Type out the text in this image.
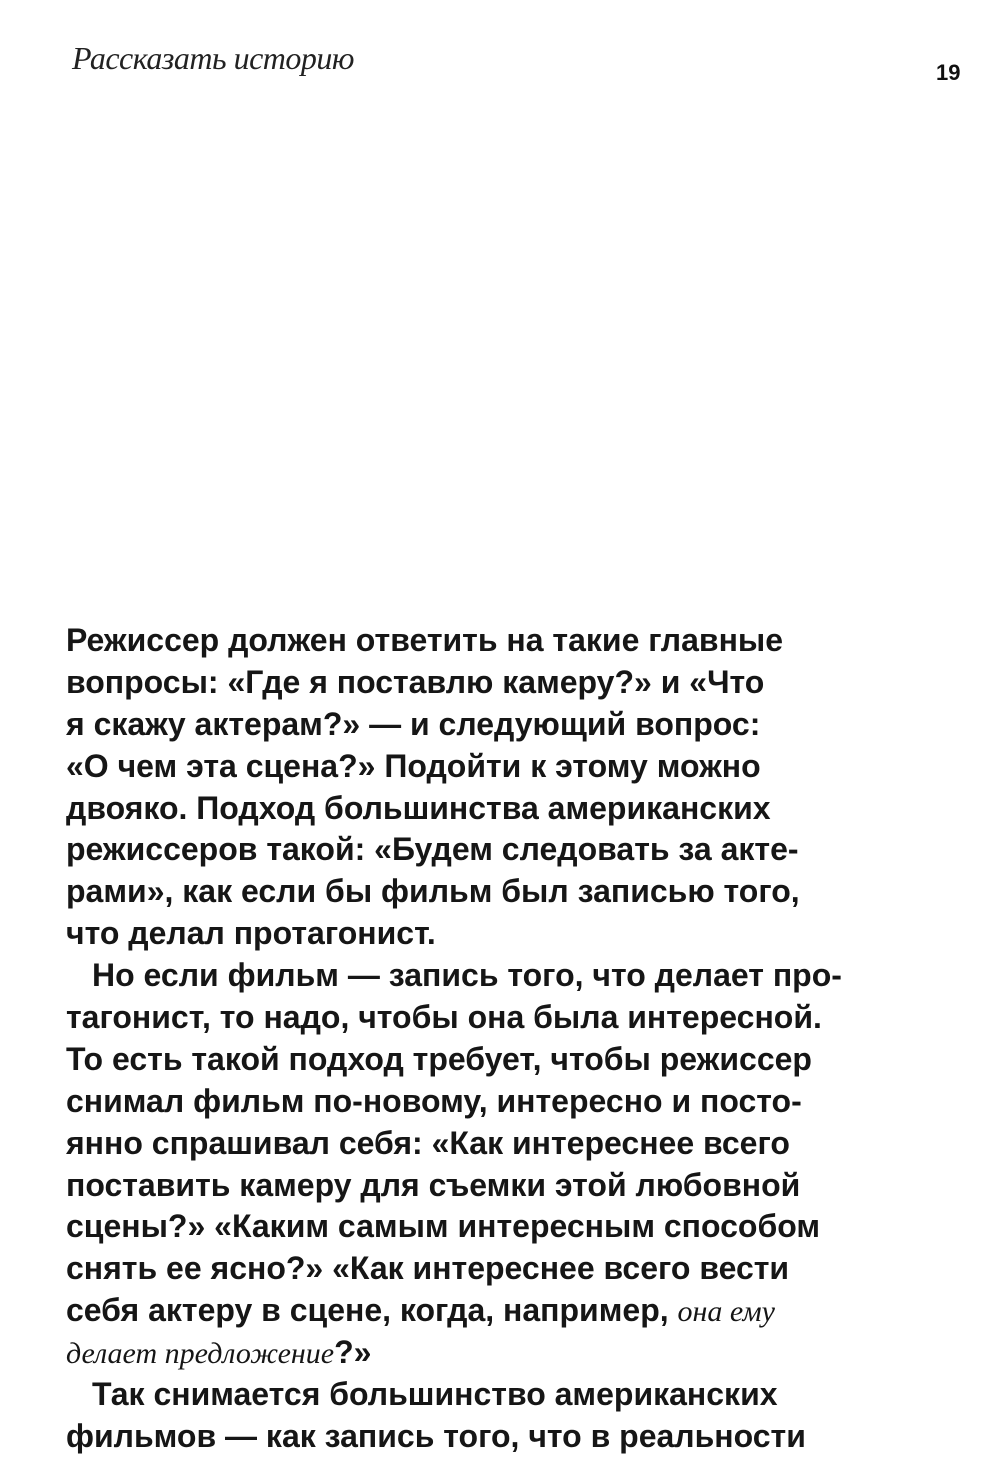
Рассказать историю	19
Режиссер должен ответить на такие главные
вопросы: «Где я поставлю камеру?» и «Что
я скажу актерам?» — и следующий вопрос:
«О чем эта сцена?» Подойти к этому можно
двояко. Подход большинства американских
режиссеров такой: «Будем следовать за акте-
рами», как если бы фильм был записью того,
что делал протагонист.
Но если фильм — запись того, что делает про-
тагонист, то надо, чтобы она была интересной.
То есть такой подход требует, чтобы режиссер
снимал фильм по-новому, интересно и посто-
янно спрашивал себя: «Как интереснее всего
поставить камеру для съемки этой любовной
сцены?» «Каким самым интересным способом
снять ее ясно?» «Как интереснее всего вести
себя актеру в сцене, когда, например, она ему
делает предложение?»
Так снимается большинство американских
фильмов — как запись того, что в реальности
